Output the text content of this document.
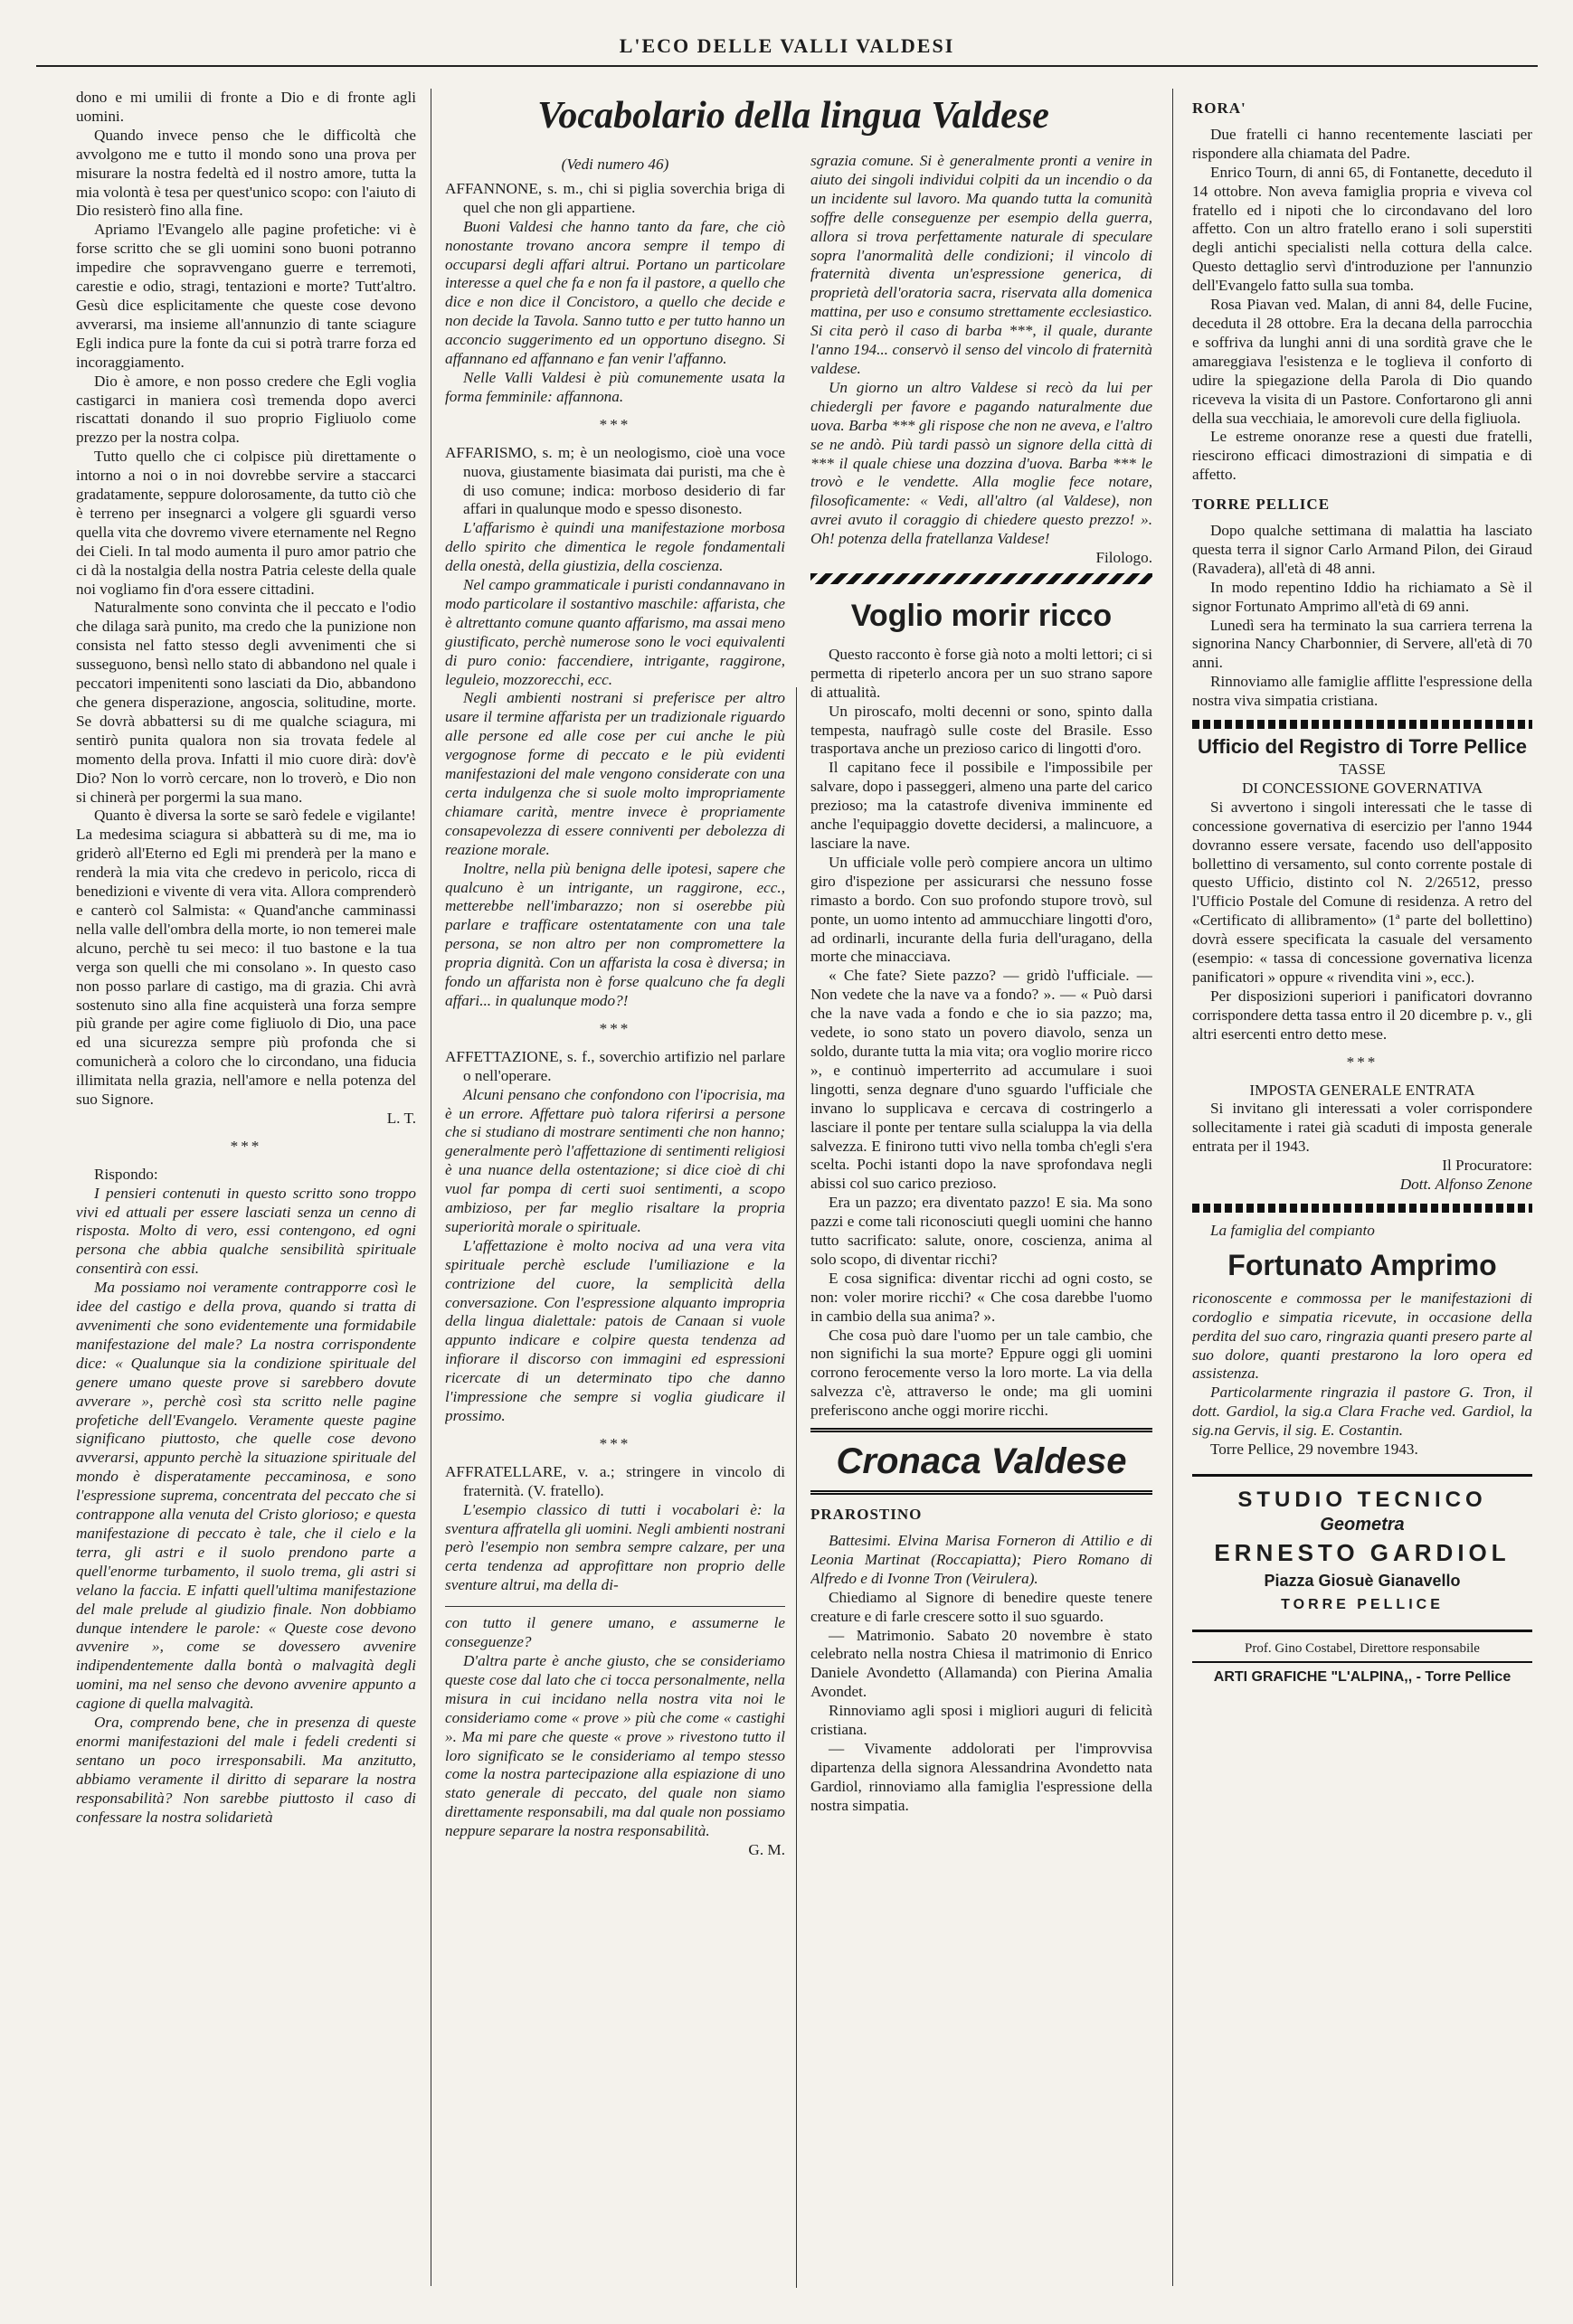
L'ECO DELLE VALLI VALDESI

dono e mi umilii di fronte a Dio e di fronte agli uomini.

Quando invece penso che le difficoltà che avvolgono me e tutto il mondo sono una prova per misurare la nostra fedeltà ed il nostro amore, tutta la mia volontà è tesa per quest'unico scopo: con l'aiuto di Dio resisterò fino alla fine.

Apriamo l'Evangelo alle pagine profetiche: vi è forse scritto che se gli uomini sono buoni potranno impedire che sopravvengano guerre e terremoti, carestie e odio, stragi, tentazioni e morte? Tutt'altro. Gesù dice esplicitamente che queste cose devono avverarsi, ma insieme all'annunzio di tante sciagure Egli indica pure la fonte da cui si potrà trarre forza ed incoraggiamento.

Dio è amore, e non posso credere che Egli voglia castigarci in maniera così tremenda dopo averci riscattati donando il suo proprio Figliuolo come prezzo per la nostra colpa.

Tutto quello che ci colpisce più direttamente o intorno a noi o in noi dovrebbe servire a staccarci gradatamente, seppure dolorosamente, da tutto ciò che è terreno per insegnarci a volgere gli sguardi verso quella vita che dovremo vivere eternamente nel Regno dei Cieli. In tal modo aumenta il puro amor patrio che ci dà la nostalgia della nostra Patria celeste della quale noi vogliamo fin d'ora essere cittadini.

Naturalmente sono convinta che il peccato e l'odio che dilaga sarà punito, ma credo che la punizione non consista nel fatto stesso degli avvenimenti che si susseguono, bensì nello stato di abbandono nel quale i peccatori impenitenti sono lasciati da Dio, abbandono che genera disperazione, angoscia, solitudine, morte. Se dovrà abbattersi su di me qualche sciagura, mi sentirò punita qualora non sia trovata fedele al momento della prova. Infatti il mio cuore dirà: dov'è Dio? Non lo vorrò cercare, non lo troverò, e Dio non si chinerà per porgermi la sua mano.

Quanto è diversa la sorte se sarò fedele e vigilante! La medesima sciagura si abbatterà su di me, ma io griderò all'Eterno ed Egli mi prenderà per la mano e renderà la mia vita che credevo in pericolo, ricca di benedizioni e vivente di vera vita. Allora comprenderò e canterò col Salmista: « Quand'anche camminassi nella valle dell'ombra della morte, io non temerei male alcuno, perchè tu sei meco: il tuo bastone e la tua verga son quelli che mi consolano ». In questo caso non posso parlare di castigo, ma di grazia. Chi avrà sostenuto sino alla fine acquisterà una forza sempre più grande per agire come figliuolo di Dio, una pace ed una sicurezza sempre più profonda che si comunicherà a coloro che lo circondano, una fiducia illimitata nella grazia, nell'amore e nella potenza del suo Signore.

L. T.
***

Rispondo:

I pensieri contenuti in questo scritto sono troppo vivi ed attuali per essere lasciati senza un cenno di risposta. Molto di vero, essi contengono, ed ogni persona che abbia qualche sensibilità spirituale consentirà con essi.

Ma possiamo noi veramente contrapporre così le idee del castigo e della prova, quando si tratta di avvenimenti che sono evidentemente una formidabile manifestazione del male? La nostra corrispondente dice: « Qualunque sia la condizione spirituale del genere umano queste prove si sarebbero dovute avverare », perchè così sta scritto nelle pagine profetiche dell'Evangelo. Veramente queste pagine significano piuttosto, che quelle cose devono avverarsi, appunto perchè la situazione spirituale del mondo è disperatamente peccaminosa, e sono l'espressione suprema, concentrata del peccato che si contrappone alla venuta del Cristo glorioso; e questa manifestazione di peccato è tale, che il cielo e la terra, gli astri e il suolo prendono parte a quell'enorme turbamento, il suolo trema, gli astri si velano la faccia. E infatti quell'ultima manifestazione del male prelude al giudizio finale. Non dobbiamo dunque intendere le parole: « Queste cose devono avvenire », come se dovessero avvenire indipendentemente dalla bontà o malvagità degli uomini, ma nel senso che devono avvenire appunto a cagione di quella malvagità.

Ora, comprendo bene, che in presenza di queste enormi manifestazioni del male i fedeli credenti si sentano un poco irresponsabili. Ma anzitutto, abbiamo veramente il diritto di separare la nostra responsabilità? Non sarebbe piuttosto il caso di confessare la nostra solidarietà

Vocabolario della lingua Valdese
(Vedi numero 46)

AFFANNONE, s. m., chi si piglia soverchia briga di quel che non gli appartiene.

Buoni Valdesi che hanno tanto da fare, che ciò nonostante trovano ancora sempre il tempo di occuparsi degli affari altrui. Portano un particolare interesse a quel che fa e non fa il pastore, a quello che dice e non dice il Concistoro, a quello che decide e non decide la Tavola. Sanno tutto e per tutto hanno un acconcio suggerimento ed un opportuno disegno. Si affannano ed affannano e fan venir l'affanno.

Nelle Valli Valdesi è più comunemente usata la forma femminile: affannona.

***

AFFARISMO, s. m; è un neologismo, cioè una voce nuova, giustamente biasimata dai puristi, ma che è di uso comune; indica: morboso desiderio di far affari in qualunque modo e spesso disonesto.

L'affarismo è quindi una manifestazione morbosa dello spirito che dimentica le regole fondamentali della onestà, della giustizia, della coscienza.

Nel campo grammaticale i puristi condannavano in modo particolare il sostantivo maschile: affarista, che è altrettanto comune quanto affarismo, ma assai meno giustificato, perchè numerose sono le voci equivalenti di puro conio: faccendiere, intrigante, raggirone, leguleio, mozzorecchi, ecc.

Negli ambienti nostrani si preferisce per altro usare il termine affarista per un tradizionale riguardo alle persone ed alle cose per cui anche le più vergognose forme di peccato e le più evidenti manifestazioni del male vengono considerate con una certa indulgenza che si suole molto impropriamente chiamare carità, mentre invece è propriamente consapevolezza di essere conniventi per debolezza di reazione morale.

Inoltre, nella più benigna delle ipotesi, sapere che qualcuno è un intrigante, un raggirone, ecc., metterebbe nell'imbarazzo; non si oserebbe più parlare e trafficare ostentatamente con una tale persona, se non altro per non compromettere la propria dignità. Con un affarista la cosa è diversa; in fondo un affarista non è forse qualcuno che fa degli affari... in qualunque modo?!

***

AFFETTAZIONE, s. f., soverchio artifizio nel parlare o nell'operare.

Alcuni pensano che confondono con l'ipocrisia, ma è un errore. Affettare può talora riferirsi a persone che si studiano di mostrare sentimenti che non hanno; generalmente però l'affettazione di sentimenti religiosi è una nuance della ostentazione; si dice cioè di chi vuol far pompa di certi suoi sentimenti, a scopo ambizioso, per far meglio risaltare la propria superiorità morale o spirituale.

L'affettazione è molto nociva ad una vera vita spirituale perchè esclude l'umiliazione e la contrizione del cuore, la semplicità della conversazione. Con l'espressione alquanto impropria della lingua dialettale: patois de Canaan si vuole appunto indicare e colpire questa tendenza ad infiorare il discorso con immagini ed espressioni ricercate di un determinato tipo che danno l'impressione che sempre si voglia giudicare il prossimo.

***

AFFRATELLARE, v. a.; stringere in vincolo di fraternità. (V. fratello).

L'esempio classico di tutti i vocabolari è: la sventura affratella gli uomini. Negli ambienti nostrani però l'esempio non sembra sempre calzare, per una certa tendenza ad approfittare non proprio delle sventure altrui, ma della di-

con tutto il genere umano, e assumerne le conseguenze?

D'altra parte è anche giusto, che se consideriamo queste cose dal lato che ci tocca personalmente, nella misura in cui incidano nella nostra vita noi le consideriamo come « prove » più che come « castighi ». Ma mi pare che queste « prove » rivestono tutto il loro significato se le consideriamo al tempo stesso come la nostra partecipazione alla espiazione di uno stato generale di peccato, del quale non siamo direttamente responsabili, ma dal quale non possiamo neppure separare la nostra responsabilità.

G. M.

sgrazia comune. Si è generalmente pronti a venire in aiuto dei singoli individui colpiti da un incendio o da un incidente sul lavoro. Ma quando tutta la comunità soffre delle conseguenze per esempio della guerra, allora si trova perfettamente naturale di speculare sopra l'anormalità delle condizioni; il vincolo di fraternità diventa un'espressione generica, di proprietà dell'oratoria sacra, riservata alla domenica mattina, per uso e consumo strettamente ecclesiastico. Si cita però il caso di barba ***, il quale, durante l'anno 194... conservò il senso del vincolo di fraternità valdese.

Un giorno un altro Valdese si recò da lui per chiedergli per favore e pagando naturalmente due uova. Barba *** gli rispose che non ne aveva, e l'altro se ne andò. Più tardi passò un signore della città di *** il quale chiese una dozzina d'uova. Barba *** le trovò e le vendette. Alla moglie fece notare, filosoficamente: « Vedi, all'altro (al Valdese), non avrei avuto il coraggio di chiedere questo prezzo! ». Oh! potenza della fratellanza Valdese!

Filologo.
Voglio morir ricco

Questo racconto è forse già noto a molti lettori; ci si permetta di ripeterlo ancora per un suo strano sapore di attualità.

Un piroscafo, molti decenni or sono, spinto dalla tempesta, naufragò sulle coste del Brasile. Esso trasportava anche un prezioso carico di lingotti d'oro.

Il capitano fece il possibile e l'impossibile per salvare, dopo i passeggeri, almeno una parte del carico prezioso; ma la catastrofe diveniva imminente ed anche l'equipaggio dovette decidersi, a malincuore, a lasciare la nave.

Un ufficiale volle però compiere ancora un ultimo giro d'ispezione per assicurarsi che nessuno fosse rimasto a bordo. Con suo profondo stupore trovò, sul ponte, un uomo intento ad ammucchiare lingotti d'oro, ad ordinarli, incurante della furia dell'uragano, della morte che minacciava.

« Che fate? Siete pazzo? — gridò l'ufficiale. — Non vedete che la nave va a fondo? ». — « Può darsi che la nave vada a fondo e che io sia pazzo; ma, vedete, io sono stato un povero diavolo, senza un soldo, durante tutta la mia vita; ora voglio morire ricco », e continuò imperterrito ad accumulare i suoi lingotti, senza degnare d'uno sguardo l'ufficiale che invano lo supplicava e cercava di costringerlo a lasciare il ponte per tentare sulla scialuppa la via della salvezza. E finirono tutti vivo nella tomba ch'egli s'era scelta. Pochi istanti dopo la nave sprofondava negli abissi col suo carico prezioso.

Era un pazzo; era diventato pazzo! E sia. Ma sono pazzi e come tali riconosciuti quegli uomini che hanno tutto sacrificato: salute, onore, coscienza, anima al solo scopo, di diventar ricchi?

E cosa significa: diventar ricchi ad ogni costo, se non: voler morire ricchi? « Che cosa darebbe l'uomo in cambio della sua anima? ».

Che cosa può dare l'uomo per un tale cambio, che non significhi la sua morte? Eppure oggi gli uomini corrono ferocemente verso la loro morte. La via della salvezza c'è, attraverso le onde; ma gli uomini preferiscono anche oggi morire ricchi.

Cronaca Valdese
PRAROSTINO

Battesimi. Elvina Marisa Forneron di Attilio e di Leonia Martinat (Roccapiatta); Piero Romano di Alfredo e di Ivonne Tron (Veirulera).

Chiediamo al Signore di benedire queste tenere creature e di farle crescere sotto il suo sguardo.

— Matrimonio. Sabato 20 novembre è stato celebrato nella nostra Chiesa il matrimonio di Enrico Daniele Avondetto (Allamanda) con Pierina Amalia Avondet.

Rinnoviamo agli sposi i migliori auguri di felicità cristiana.

— Vivamente addolorati per l'improvvisa dipartenza della signora Alessandrina Avondetto nata Gardiol, rinnoviamo alla famiglia l'espressione della nostra simpatia.

RORA'

Due fratelli ci hanno recentemente lasciati per rispondere alla chiamata del Padre.

Enrico Tourn, di anni 65, di Fontanette, deceduto il 14 ottobre. Non aveva famiglia propria e viveva col fratello ed i nipoti che lo circondavano del loro affetto. Con un altro fratello erano i soli superstiti degli antichi specialisti nella cottura della calce. Questo dettaglio servì d'introduzione per l'annunzio dell'Evangelo fatto sulla sua tomba.

Rosa Piavan ved. Malan, di anni 84, delle Fucine, deceduta il 28 ottobre. Era la decana della parrocchia e soffriva da lunghi anni di una sordità grave che le amareggiava l'esistenza e le toglieva il conforto di udire la spiegazione della Parola di Dio quando riceveva la visita di un Pastore. Confortarono gli anni della sua vecchiaia, le amorevoli cure della figliuola.

Le estreme onoranze rese a questi due fratelli, riescirono efficaci dimostrazioni di simpatia e di affetto.

TORRE PELLICE

Dopo qualche settimana di malattia ha lasciato questa terra il signor Carlo Armand Pilon, dei Giraud (Ravadera), all'età di 48 anni.

In modo repentino Iddio ha richiamato a Sè il signor Fortunato Amprimo all'età di 69 anni.

Lunedì sera ha terminato la sua carriera terrena la signorina Nancy Charbonnier, di Servere, all'età di 70 anni.

Rinnoviamo alle famiglie afflitte l'espressione della nostra viva simpatia cristiana.

Ufficio del Registro di Torre Pellice

TASSE

DI CONCESSIONE GOVERNATIVA

Si avvertono i singoli interessati che le tasse di concessione governativa di esercizio per l'anno 1944 dovranno essere versate, facendo uso dell'apposito bollettino di versamento, sul conto corrente postale di questo Ufficio, distinto col N. 2/26512, presso l'Ufficio Postale del Comune di residenza. A retro del «Certificato di allibramento» (1ª parte del bollettino) dovrà essere specificata la casuale del versamento (esempio: « tassa di concessione governativa licenza panificatori » oppure « rivendita vini », ecc.).

Per disposizioni superiori i panificatori dovranno corrispondere detta tassa entro il 20 dicembre p. v., gli altri esercenti entro detto mese.

***

IMPOSTA GENERALE ENTRATA

Si invitano gli interessati a voler corrispondere sollecitamente i ratei già scaduti di imposta generale entrata per il 1943.

Il Procuratore:
Dott. Alfonso Zenone

La famiglia del compianto

Fortunato Amprimo

riconoscente e commossa per le manifestazioni di cordoglio e simpatia ricevute, in occasione della perdita del suo caro, ringrazia quanti presero parte al suo dolore, quanti prestarono la loro opera ed assistenza.

Particolarmente ringrazia il pastore G. Tron, il dott. Gardiol, la sig.a Clara Frache ved. Gardiol, la sig.na Gervis, il sig. E. Costantin.

Torre Pellice, 29 novembre 1943.

STUDIO TECNICO
Geometra
ERNESTO GARDIOL
Piazza Giosuè Gianavello
TORRE PELLICE
Prof. Gino Costabel, Direttore responsabile
ARTI GRAFICHE "L'ALPINA,, - Torre Pellice
